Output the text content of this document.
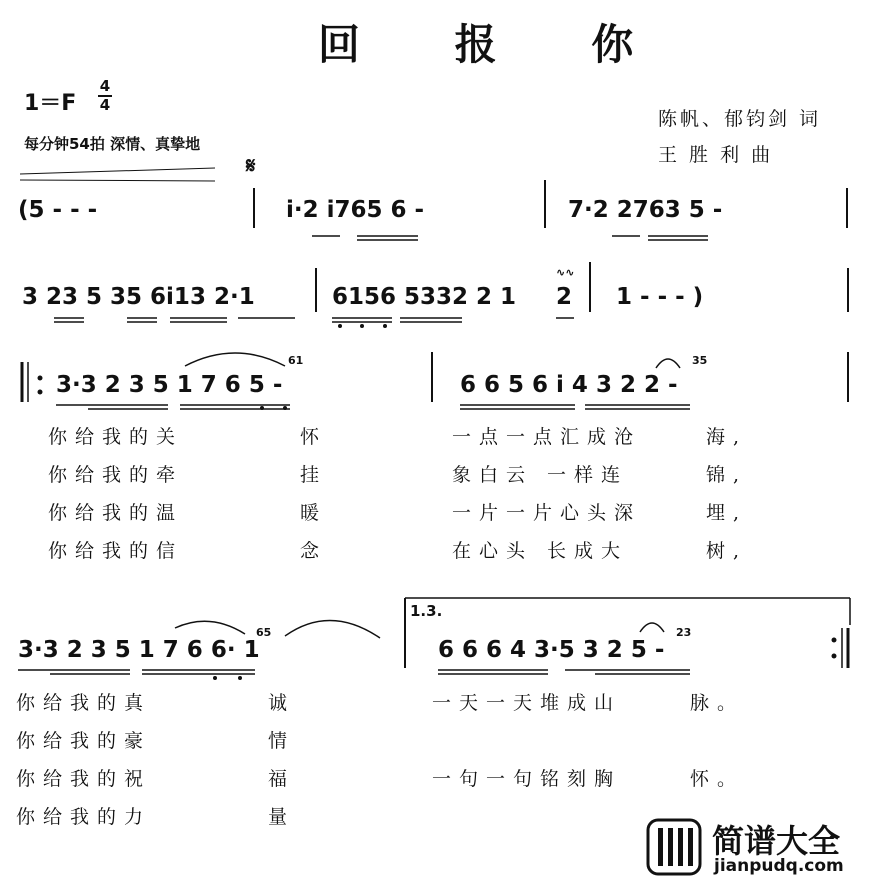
回 报 你
1＝F
4
4
每分钟54拍 深情、真挚地
陈帆、郁钧剑 词
王 胜 利 曲
𝄋
(5 - - -	i·2 i765 6 -	7·2 2763 5 -
3 23 5 35 6i13 2·1	6156 5332 2 1 2 1 - - - )
∿∿
3·3 2 3 5 1 7 6 5 -	6 6 5 6 i 4 3 2 2 -
61	35
你给我的关	怀	一点一点汇成沧	海,
你给我的牵	挂	象白云 一样连	锦,
你给我的温	暖	一片一片心头深	埋,
你给我的信	念	在心头 长成大	树,
1.3.
3·3 2 3 5 1 7 6 6· 1	6 6 6 4 3·5 3 2 5 -
65	23
你给我的真	诚	一天一天堆成山	脉。
你给我的豪	情
你给我的祝	福	一句一句铭刻胸	怀。
你给我的力	量
简谱大全
jianpudq.com
